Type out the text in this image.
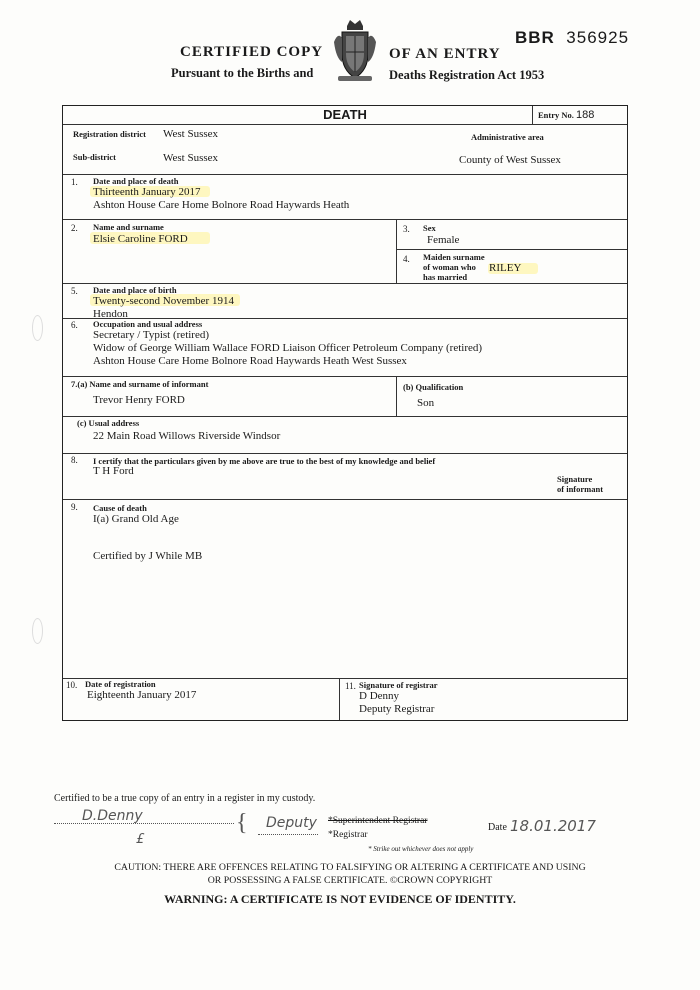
CERTIFIED COPY
Pursuant to the Births and
OF AN ENTRY
Deaths Registration Act 1953
BBR 356925
DEATH	Entry No. 188
Registration district West Sussex	Administrative area
Sub-district	West Sussex	County of West Sussex
1. Date and place of death
Thirteenth January 2017
Ashton House Care Home Bolnore Road Haywards Heath
2. Name and surname
Elsie Caroline FORD
3. Sex
Female
4. Maiden surname
of woman who
has married
RILEY
5. Date and place of birth
Twenty-second November 1914
Hendon
6. Occupation and usual address
Secretary / Typist (retired)
Widow of George William Wallace FORD Liaison Officer Petroleum Company (retired)
Ashton House Care Home Bolnore Road Haywards Heath West Sussex
7.(a) Name and surname of informant
Trevor Henry FORD
(b) Qualification
Son
(c) Usual address
22 Main Road Willows Riverside Windsor
8. I certify that the particulars given by me above are true to the best of my knowledge and belief
T H Ford
Signature
of informant
9. Cause of death
I(a) Grand Old Age
Certified by J While MB
10. Date of registration
Eighteenth January 2017
11. Signature of registrar
D Denny
Deputy Registrar
Certified to be a true copy of an entry in a register in my custody.
D.Denny
£
{ Deputy *Superintendent Registrar
*Registrar
* Strike out whichever does not apply
Date 18.01.2017
CAUTION: THERE ARE OFFENCES RELATING TO FALSIFYING OR ALTERING A CERTIFICATE AND USING
OR POSSESSING A FALSE CERTIFICATE. ©CROWN COPYRIGHT
WARNING: A CERTIFICATE IS NOT EVIDENCE OF IDENTITY.
